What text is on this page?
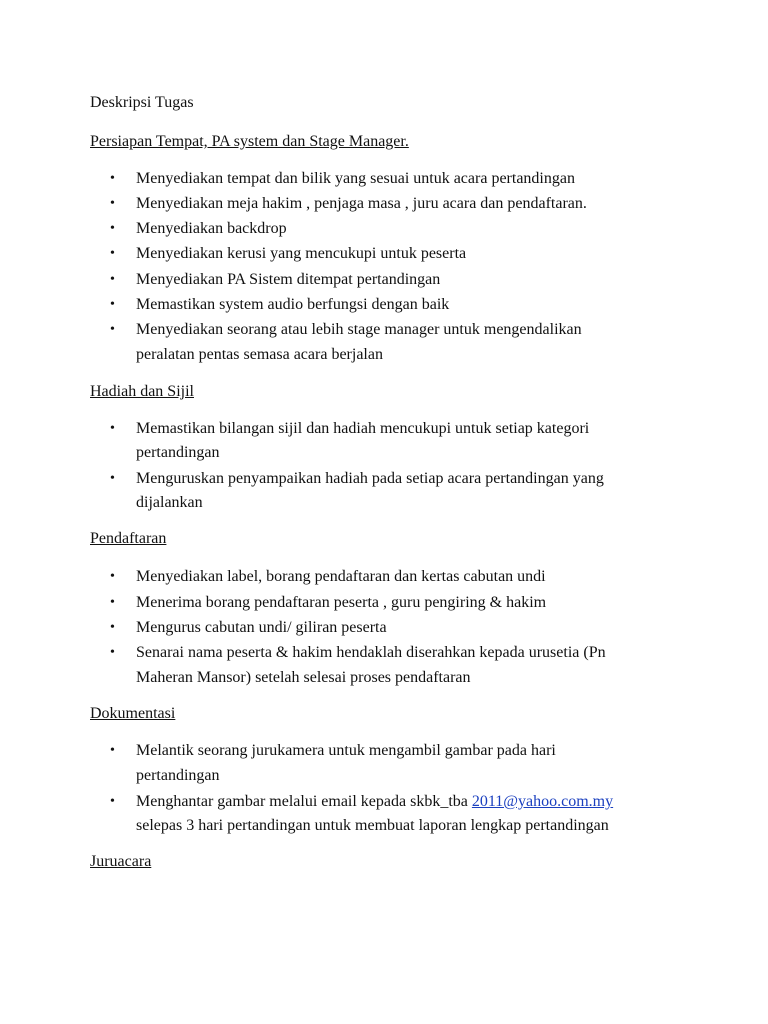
Deskripsi Tugas
Persiapan Tempat, PA system dan Stage Manager.
•	Menyediakan tempat dan bilik yang sesuai untuk acara pertandingan
•	Menyediakan meja hakim , penjaga masa , juru acara dan pendaftaran.
•	Menyediakan backdrop
•	Menyediakan kerusi yang mencukupi untuk peserta
•	Menyediakan PA Sistem ditempat pertandingan
•	Memastikan system audio berfungsi dengan baik
•	Menyediakan seorang atau lebih stage manager untuk mengendalikan
peralatan pentas semasa acara berjalan
Hadiah dan Sijil
•	Memastikan bilangan sijil dan hadiah mencukupi untuk setiap kategori
pertandingan
•	Menguruskan penyampaikan hadiah pada setiap acara pertandingan yang
dijalankan
Pendaftaran
•	Menyediakan label, borang pendaftaran dan kertas cabutan undi
•	Menerima borang pendaftaran peserta , guru pengiring & hakim
•	Mengurus cabutan undi/ giliran peserta
•	Senarai nama peserta & hakim hendaklah diserahkan kepada urusetia (Pn
Maheran Mansor) setelah selesai proses pendaftaran
Dokumentasi
•	Melantik seorang jurukamera untuk mengambil gambar pada hari
pertandingan
•	Menghantar gambar melalui email kepada skbk_tba 2011@yahoo.com.my
selepas 3 hari pertandingan untuk membuat laporan lengkap pertandingan
Juruacara
